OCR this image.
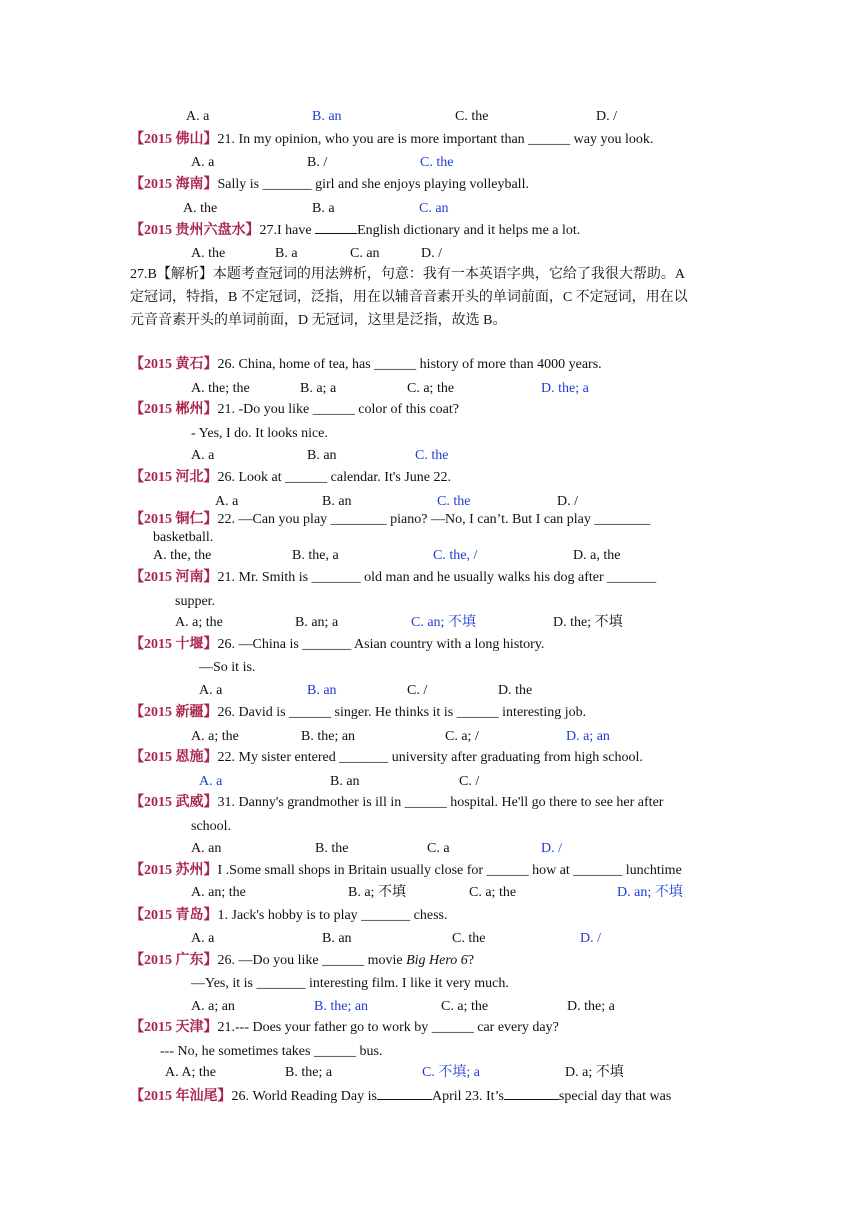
A. a	B. an	C. the	D. /
【2015 佛山】21. In my opinion, who you are is more important than ______ way you look.
A. a	B. /	C. the
【2015 海南】Sally is _______ girl and she enjoys playing volleyball.
A. the	B. a	C. an
【2015 贵州六盘水】27.I have	English dictionary and it helps me a lot.
A. the	B. a	C. an	D. /
27.B【解析】本题考查冠词的用法辨析，句意：我有一本英语字典，它给了我很大帮助。A
定冠词，特指，B 不定冠词，泛指，用在以辅音音素开头的单词前面，C 不定冠词，用在以
元音音素开头的单词前面，D 无冠词，这里是泛指，故选 B。
【2015 黄石】26. China, home of tea, has ______ history of more than 4000 years.
A. the; the	B. a; a	C. a; the	D. the; a
【2015 郴州】21. -Do you like ______ color of this coat?
- Yes, I do. It looks nice.
A. a	B. an	C. the
【2015 河北】26. Look at ______ calendar. It's June 22.
A. a	B. an	C. the	D. /
【2015 铜仁】22. —Can you play ________ piano? —No, I can’t. But I can play ________
basketball.
A. the, the	B. the, a	C. the, /	D. a, the
【2015 河南】21. Mr. Smith is _______ old man and he usually walks his dog after _______
supper.
A. a; the	B. an; a	C. an; 不填	D. the; 不填
【2015 十堰】26. —China is _______ Asian country with a long history.
—So it is.
A. a	B. an	C. /	D. the
【2015 新疆】26. David is ______ singer. He thinks it is ______ interesting job.
A. a; the	B. the; an	C. a; /	D. a; an
【2015 恩施】22. My sister entered _______ university after graduating from high school.
A. a	B. an	C. /
【2015 武威】31. Danny's grandmother is ill in ______ hospital. He'll go there to see her after
school.
A. an	B. the	C. a	D. /
【2015 苏州】I .Some small shops in Britain usually close for ______ how at _______ lunchtime
A. an; the	B. a; 不填	C. a; the	D. an; 不填
【2015 青岛】1. Jack's hobby is to play _______ chess.
A. a	B. an	C. the	D. /
【2015 广东】26. —Do you like ______ movie Big Hero 6?
—Yes, it is _______ interesting film. I like it very much.
A. a; an	B. the; an	C. a; the	D. the; a
【2015 天津】21.--- Does your father go to work by ______ car every day?
--- No, he sometimes takes ______ bus.
A. A; the	B. the; a	C. 不填; a	D. a; 不填
【2015 年汕尾】26. World Reading Day is	April 23. It’s	special day that was
